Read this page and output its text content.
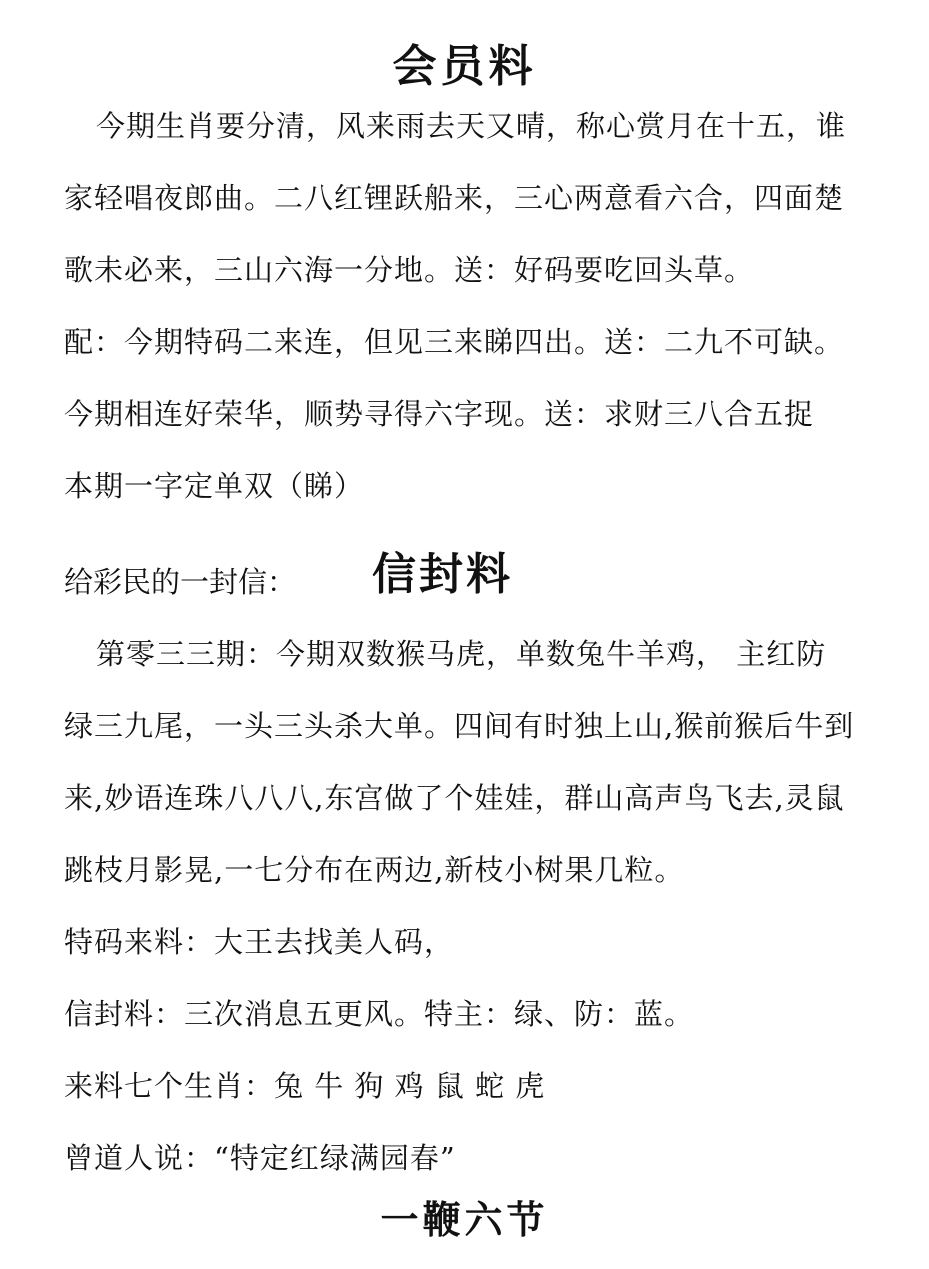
会员料
今期生肖要分清，风来雨去天又晴，称心赏月在十五，谁
家轻唱夜郎曲。二八红锂跃船来，三心两意看六合，四面楚
歌未必来，三山六海一分地。送：好码要吃回头草。
配：今期特码二来连，但见三来睇四出。送：二九不可缺。
今期相连好荣华，顺势寻得六字现。送：求财三八合五捉
本期一字定单双（睇）
给彩民的一封信： 信封料
第零三三期：今期双数猴马虎，单数兔牛羊鸡， 主红防
绿三九尾，一头三头杀大单。四间有时独上山,猴前猴后牛到
来,妙语连珠八八八,东宫做了个娃娃，群山高声鸟飞去,灵鼠
跳枝月影晃,一七分布在两边,新枝小树果几粒。
特码来料：大王去找美人码，
信封料：三次消息五更风。特主：绿、防：蓝。
来料七个生肖：兔 牛 狗 鸡 鼠 蛇 虎
曾道人说：“特定红绿满园春”
一鞭六节
